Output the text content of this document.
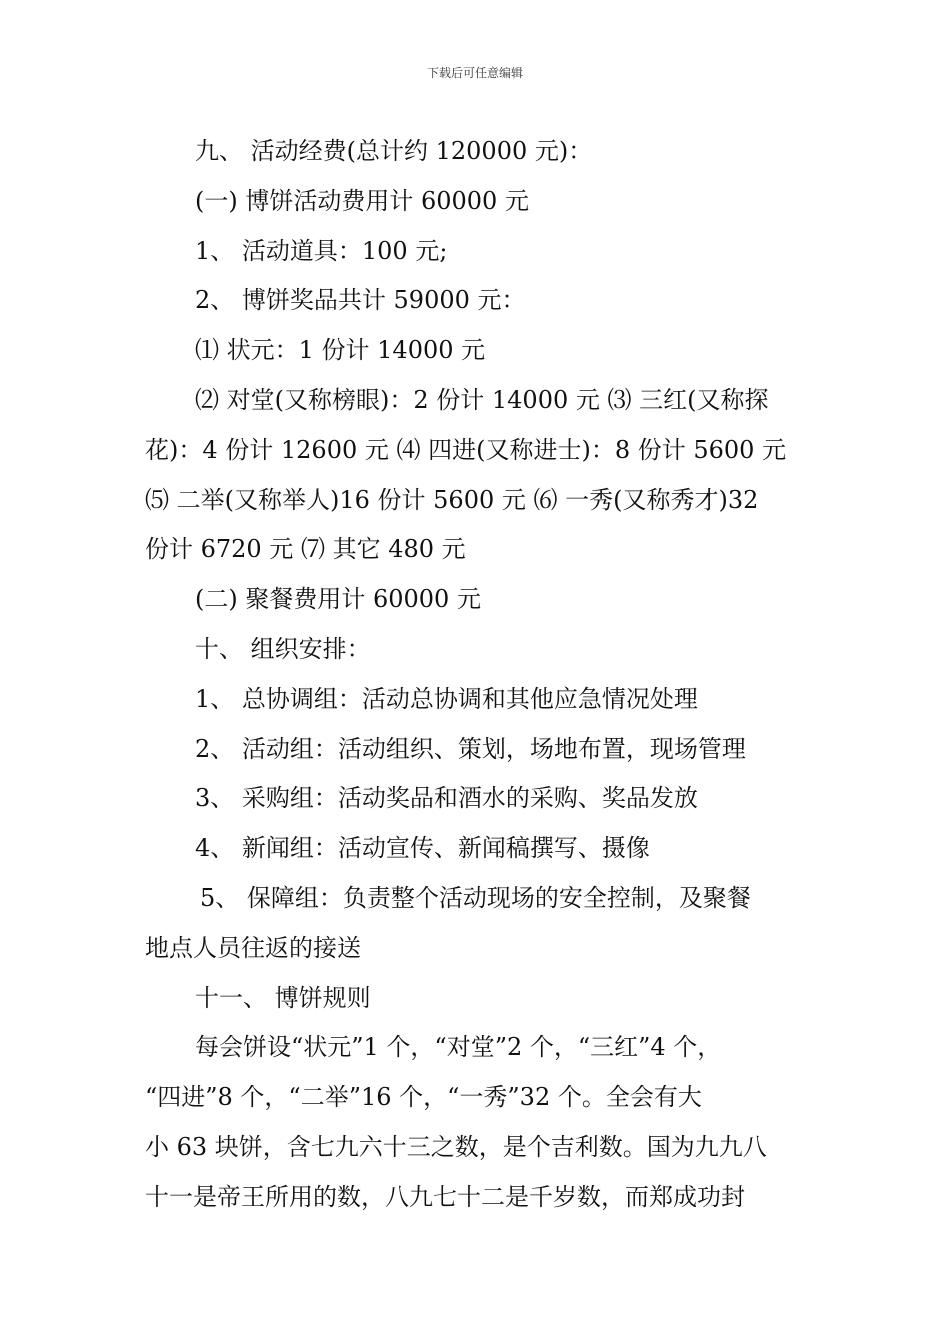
下载后可任意编辑
九、 活动经费(总计约 120000 元)：
(一) 博饼活动费用计 60000 元
1、 活动道具：100 元;
2、 博饼奖品共计 59000 元：
⑴ 状元：1 份计 14000 元
⑵ 对堂(又称榜眼)：2 份计 14000 元 ⑶ 三红(又称探
花)：4 份计 12600 元 ⑷ 四进(又称进士)：8 份计 5600 元
⑸ 二举(又称举人)16 份计 5600 元 ⑹ 一秀(又称秀才)32
份计 6720 元 ⑺ 其它 480 元
(二) 聚餐费用计 60000 元
十、 组织安排：
1、 总协调组：活动总协调和其他应急情况处理
2、 活动组：活动组织、策划，场地布置，现场管理
3、 采购组：活动奖品和酒水的采购、奖品发放
4、 新闻组：活动宣传、新闻稿撰写、摄像
5、 保障组：负责整个活动现场的安全控制，及聚餐
地点人员往返的接送
十一、 博饼规则
每会饼设“状元”1 个，“对堂”2 个，“三红”4 个，
“四进”8 个，“二举”16 个，“一秀”32 个。全会有大
小 63 块饼，含七九六十三之数，是个吉利数。国为九九八
十一是帝王所用的数，八九七十二是千岁数，而郑成功封
